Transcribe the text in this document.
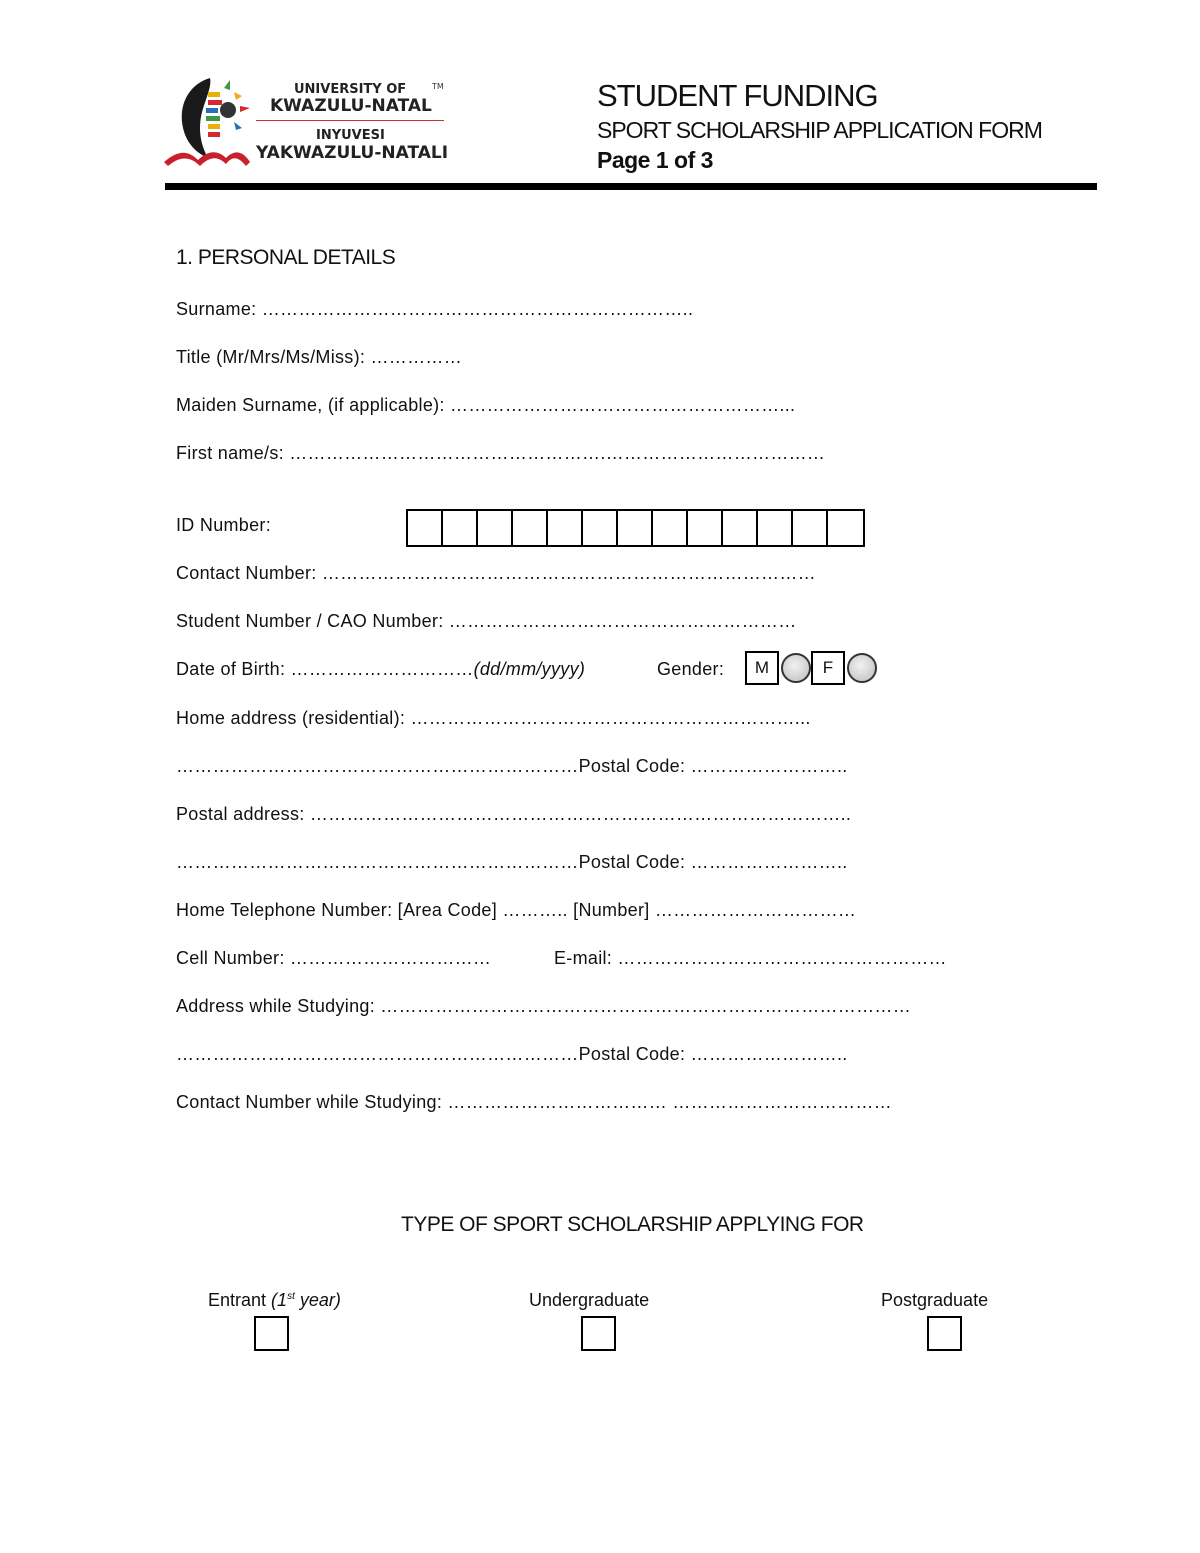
UNIVERSITY OF	TM
KWAZULU-NATAL
INYUVESI
YAKWAZULU-NATALI
STUDENT FUNDING
SPORT SCHOLARSHIP APPLICATION FORM
Page 1 of 3
1. PERSONAL DETAILS
Surname: ……………………………………………………………..
Title (Mr/Mrs/Ms/Miss): ……………
Maiden Surname, (if applicable): ………………………………………………...
First name/s: …………………………………………….………………………………
ID Number:
Contact Number: ………………………………………………………………………
Student Number / CAO Number: …………………………………………………
Date of Birth: …………………………(dd/mm/yyyy)	Gender:	M	F
Home address (residential): ………………………………………………………...
…………………………………………………………Postal Code: ……………………..
Postal address: ……………………………………………………………………………..
…………………………………………………………Postal Code: ……………………..
Home Telephone Number: [Area Code] ……….. [Number] ……………………………
Cell Number: ……………………………	E-mail: ………………………………………………
Address while Studying: ……………………………………………………………………………
…………………………………………………………Postal Code: ……………………..
Contact Number while Studying: ……………………………… ………………………………
TYPE OF SPORT SCHOLARSHIP APPLYING FOR
Entrant (1st year)	Undergraduate	Postgraduate
